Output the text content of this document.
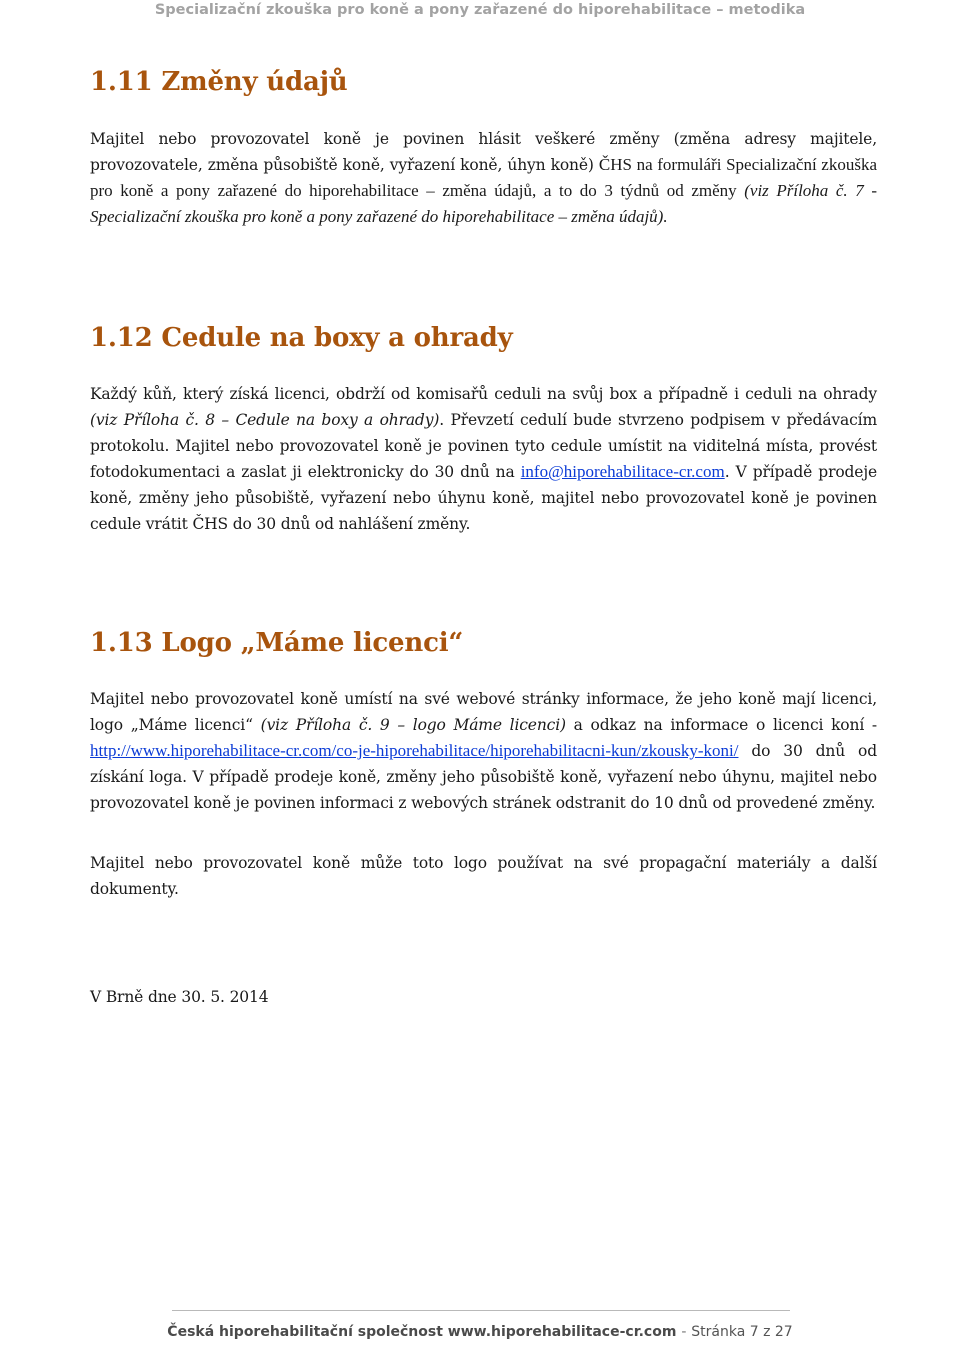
Specializační zkouška pro koně a pony zařazené do hiporehabilitace – metodika
1.11 Změny údajů

Majitel nebo provozovatel koně je povinen hlásit veškeré změny (změna adresy majitele, provozovatele, změna působiště koně, vyřazení koně, úhyn koně) ČHS na formuláři Specializační zkouška pro koně a pony zařazené do hiporehabilitace – změna údajů, a to do 3 týdnů od změny (viz Příloha č. 7 - Specializační zkouška pro koně a pony zařazené do hiporehabilitace – změna údajů).

1.12 Cedule na boxy a ohrady

Každý kůň, který získá licenci, obdrží od komisařů ceduli na svůj box a případně i ceduli na ohrady (viz Příloha č. 8 – Cedule na boxy a ohrady). Převzetí cedulí bude stvrzeno podpisem v předávacím protokolu. Majitel nebo provozovatel koně je povinen tyto cedule umístit na viditelná místa, provést fotodokumentaci a zaslat ji elektronicky do 30 dnů na info@hiporehabilitace-cr.com. V případě prodeje koně, změny jeho působiště, vyřazení nebo úhynu koně, majitel nebo provozovatel koně je povinen cedule vrátit ČHS do 30 dnů od nahlášení změny.

1.13 Logo „Máme licenci“

Majitel nebo provozovatel koně umístí na své webové stránky informace, že jeho koně mají licenci, logo „Máme licenci“ (viz Příloha č. 9 – logo Máme licenci) a odkaz na informace o licenci koní - http://www.hiporehabilitace-cr.com/co-je-hiporehabilitace/hiporehabilitacni-kun/zkousky-koni/ do 30 dnů od získání loga. V případě prodeje koně, změny jeho působiště koně, vyřazení nebo úhynu, majitel nebo provozovatel koně je povinen informaci z webových stránek odstranit do 10 dnů od provedené změny.

Majitel nebo provozovatel koně může toto logo používat na své propagační materiály a další dokumenty.

V Brně dne 30. 5. 2014

Česká hiporehabilitační společnost www.hiporehabilitace-cr.com - Stránka 7 z 27
